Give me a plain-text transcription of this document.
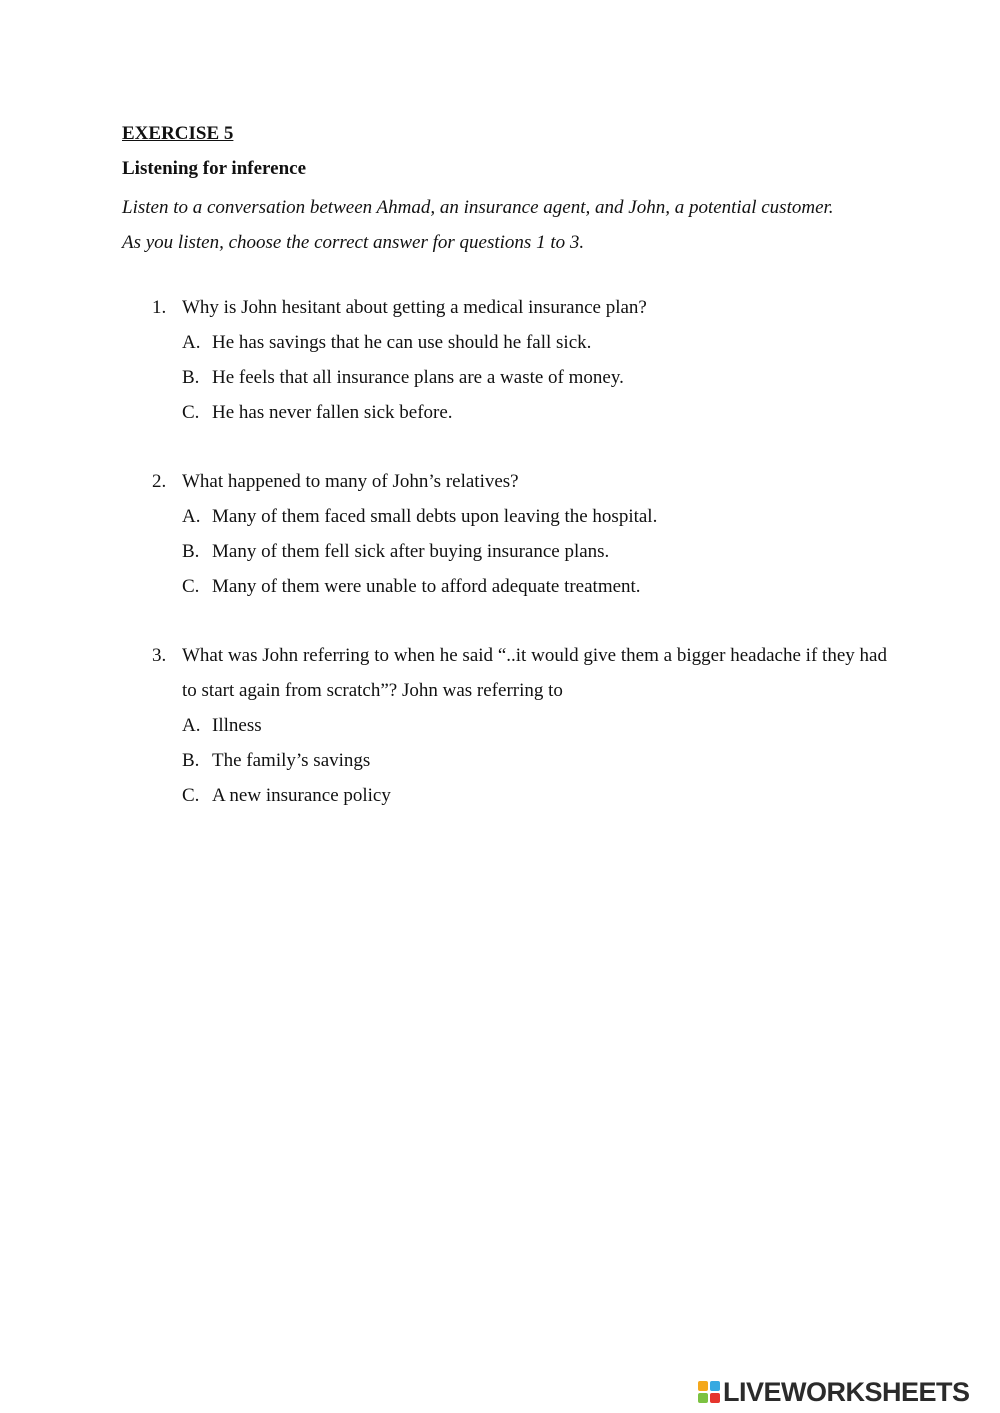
EXERCISE 5
Listening for inference
Listen to a conversation between Ahmad, an insurance agent, and John, a potential customer.
As you listen, choose the correct answer for questions 1 to 3.
1. Why is John hesitant about getting a medical insurance plan?
A. He has savings that he can use should he fall sick.
B. He feels that all insurance plans are a waste of money.
C. He has never fallen sick before.
2. What happened to many of John’s relatives?
A. Many of them faced small debts upon leaving the hospital.
B. Many of them fell sick after buying insurance plans.
C. Many of them were unable to afford adequate treatment.
3. What was John referring to when he said “..it would give them a bigger headache if they had to start again from scratch”? John was referring to
A. Illness
B. The family’s savings
C. A new insurance policy
LIVEWORKSHEETS
